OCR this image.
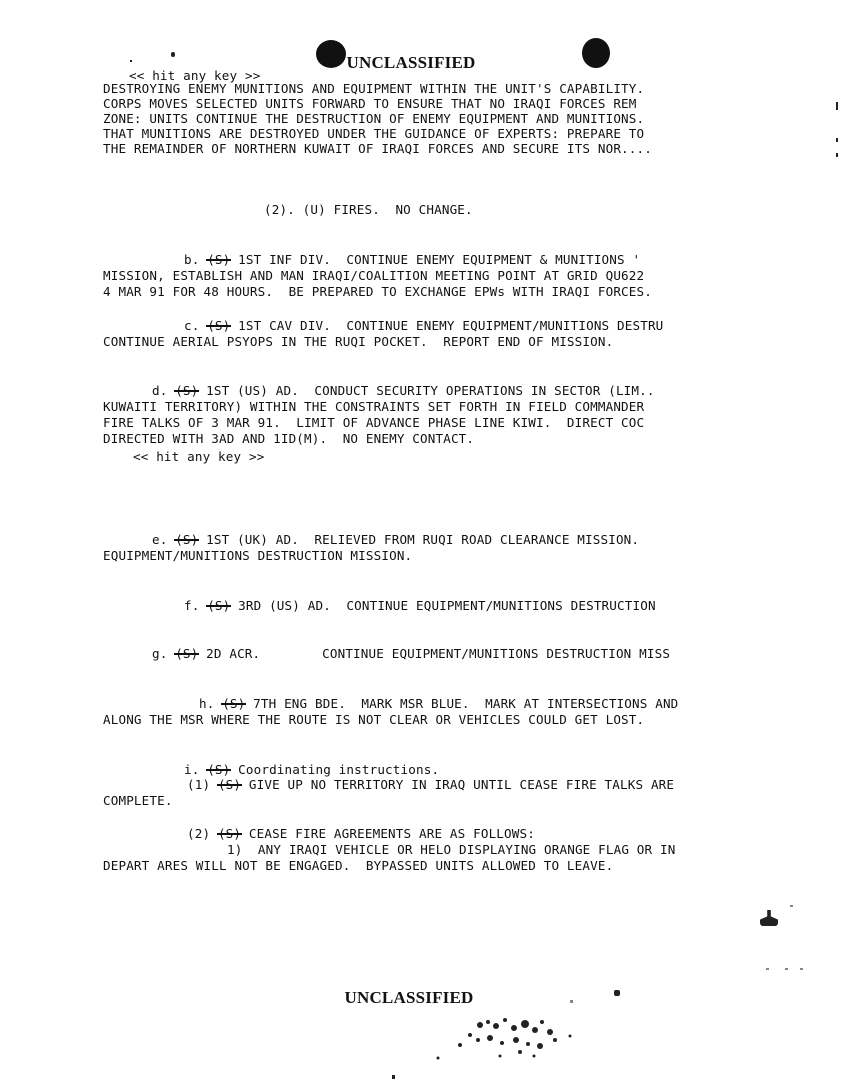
UNCLASSIFIED
<< hit any key >>
DESTROYING ENEMY MUNITIONS AND EQUIPMENT WITHIN THE UNIT'S CAPABILITY.
CORPS MOVES SELECTED UNITS FORWARD TO ENSURE THAT NO IRAQI FORCES REM
ZONE: UNITS CONTINUE THE DESTRUCTION OF ENEMY EQUIPMENT AND MUNITIONS.
THAT MUNITIONS ARE DESTROYED UNDER THE GUIDANCE OF EXPERTS: PREPARE TO
THE REMAINDER OF NORTHERN KUWAIT OF IRAQI FORCES AND SECURE ITS NOR....
(2). (U) FIRES.  NO CHANGE.
b. (S) 1ST INF DIV.  CONTINUE ENEMY EQUIPMENT & MUNITIONS '
MISSION, ESTABLISH AND MAN IRAQI/COALITION MEETING POINT AT GRID QU622
4 MAR 91 FOR 48 HOURS.  BE PREPARED TO EXCHANGE EPWs WITH IRAQI FORCES.
c. (S) 1ST CAV DIV.  CONTINUE ENEMY EQUIPMENT/MUNITIONS DESTRU
CONTINUE AERIAL PSYOPS IN THE RUQI POCKET.  REPORT END OF MISSION.
d. (S) 1ST (US) AD.  CONDUCT SECURITY OPERATIONS IN SECTOR (LIM..
KUWAITI TERRITORY) WITHIN THE CONSTRAINTS SET FORTH IN FIELD COMMANDER
FIRE TALKS OF 3 MAR 91.  LIMIT OF ADVANCE PHASE LINE KIWI.  DIRECT COC
DIRECTED WITH 3AD AND 1ID(M).  NO ENEMY CONTACT.
<< hit any key >>
e. (S) 1ST (UK) AD.  RELIEVED FROM RUQI ROAD CLEARANCE MISSION.
EQUIPMENT/MUNITIONS DESTRUCTION MISSION.
f. (S) 3RD (US) AD.  CONTINUE EQUIPMENT/MUNITIONS DESTRUCTION
g. (S) 2D ACR.        CONTINUE EQUIPMENT/MUNITIONS DESTRUCTION MISS
h. (S) 7TH ENG BDE.  MARK MSR BLUE.  MARK AT INTERSECTIONS AND
ALONG THE MSR WHERE THE ROUTE IS NOT CLEAR OR VEHICLES COULD GET LOST.
i. (S) Coordinating instructions.
(1) (S) GIVE UP NO TERRITORY IN IRAQ UNTIL CEASE FIRE TALKS ARE
COMPLETE.
(2) (S) CEASE FIRE AGREEMENTS ARE AS FOLLOWS:
1)  ANY IRAQI VEHICLE OR HELO DISPLAYING ORANGE FLAG OR IN
DEPART ARES WILL NOT BE ENGAGED.  BYPASSED UNITS ALLOWED TO LEAVE.
UNCLASSIFIED
